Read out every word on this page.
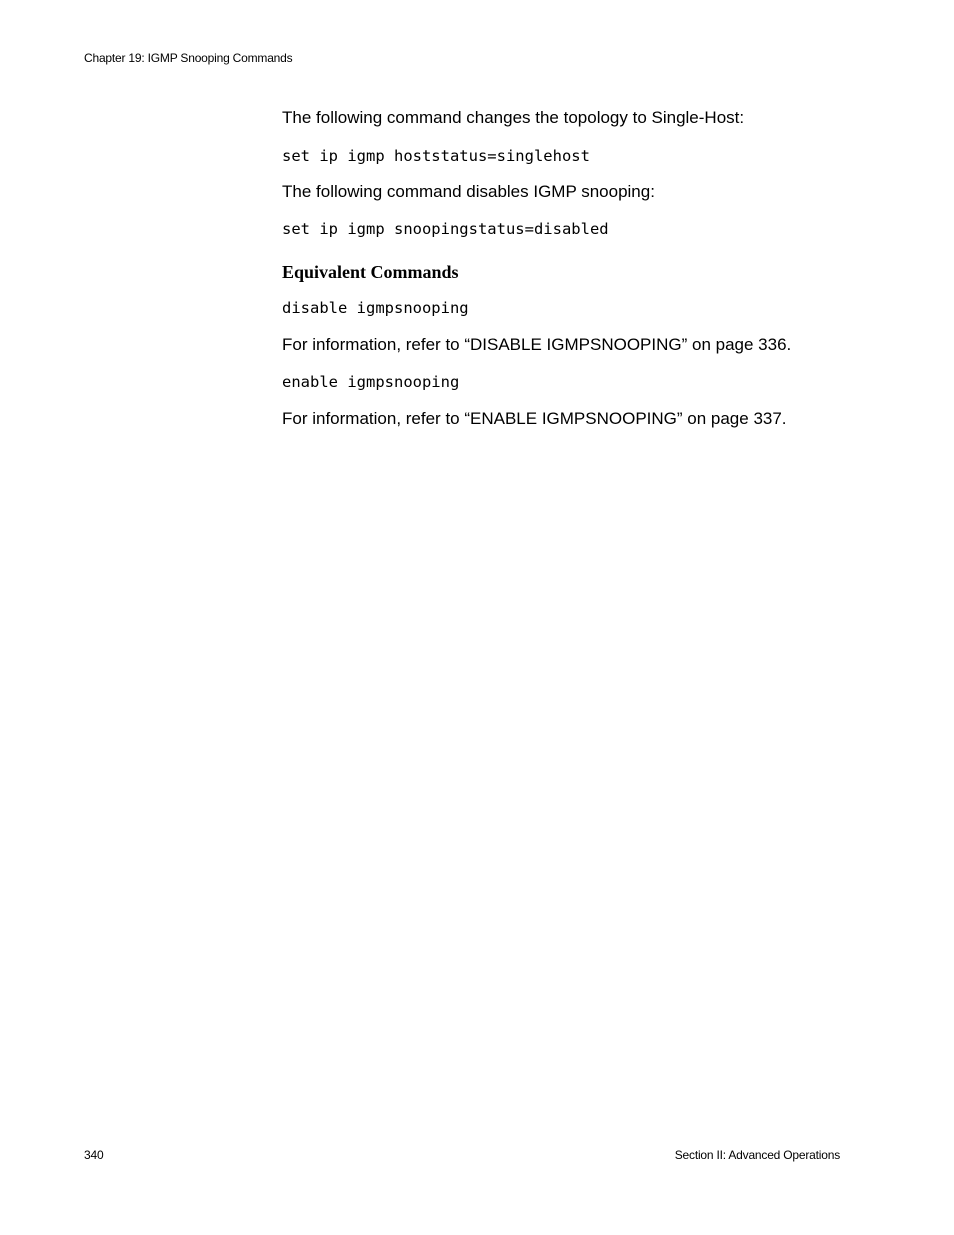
Chapter 19: IGMP Snooping Commands

The following command changes the topology to Single-Host:

set ip igmp hoststatus=singlehost

The following command disables IGMP snooping:

set ip igmp snoopingstatus=disabled

Equivalent Commands

disable igmpsnooping

For information, refer to “DISABLE IGMPSNOOPING” on page 336.

enable igmpsnooping

For information, refer to “ENABLE IGMPSNOOPING” on page 337.

340	Section II: Advanced Operations
